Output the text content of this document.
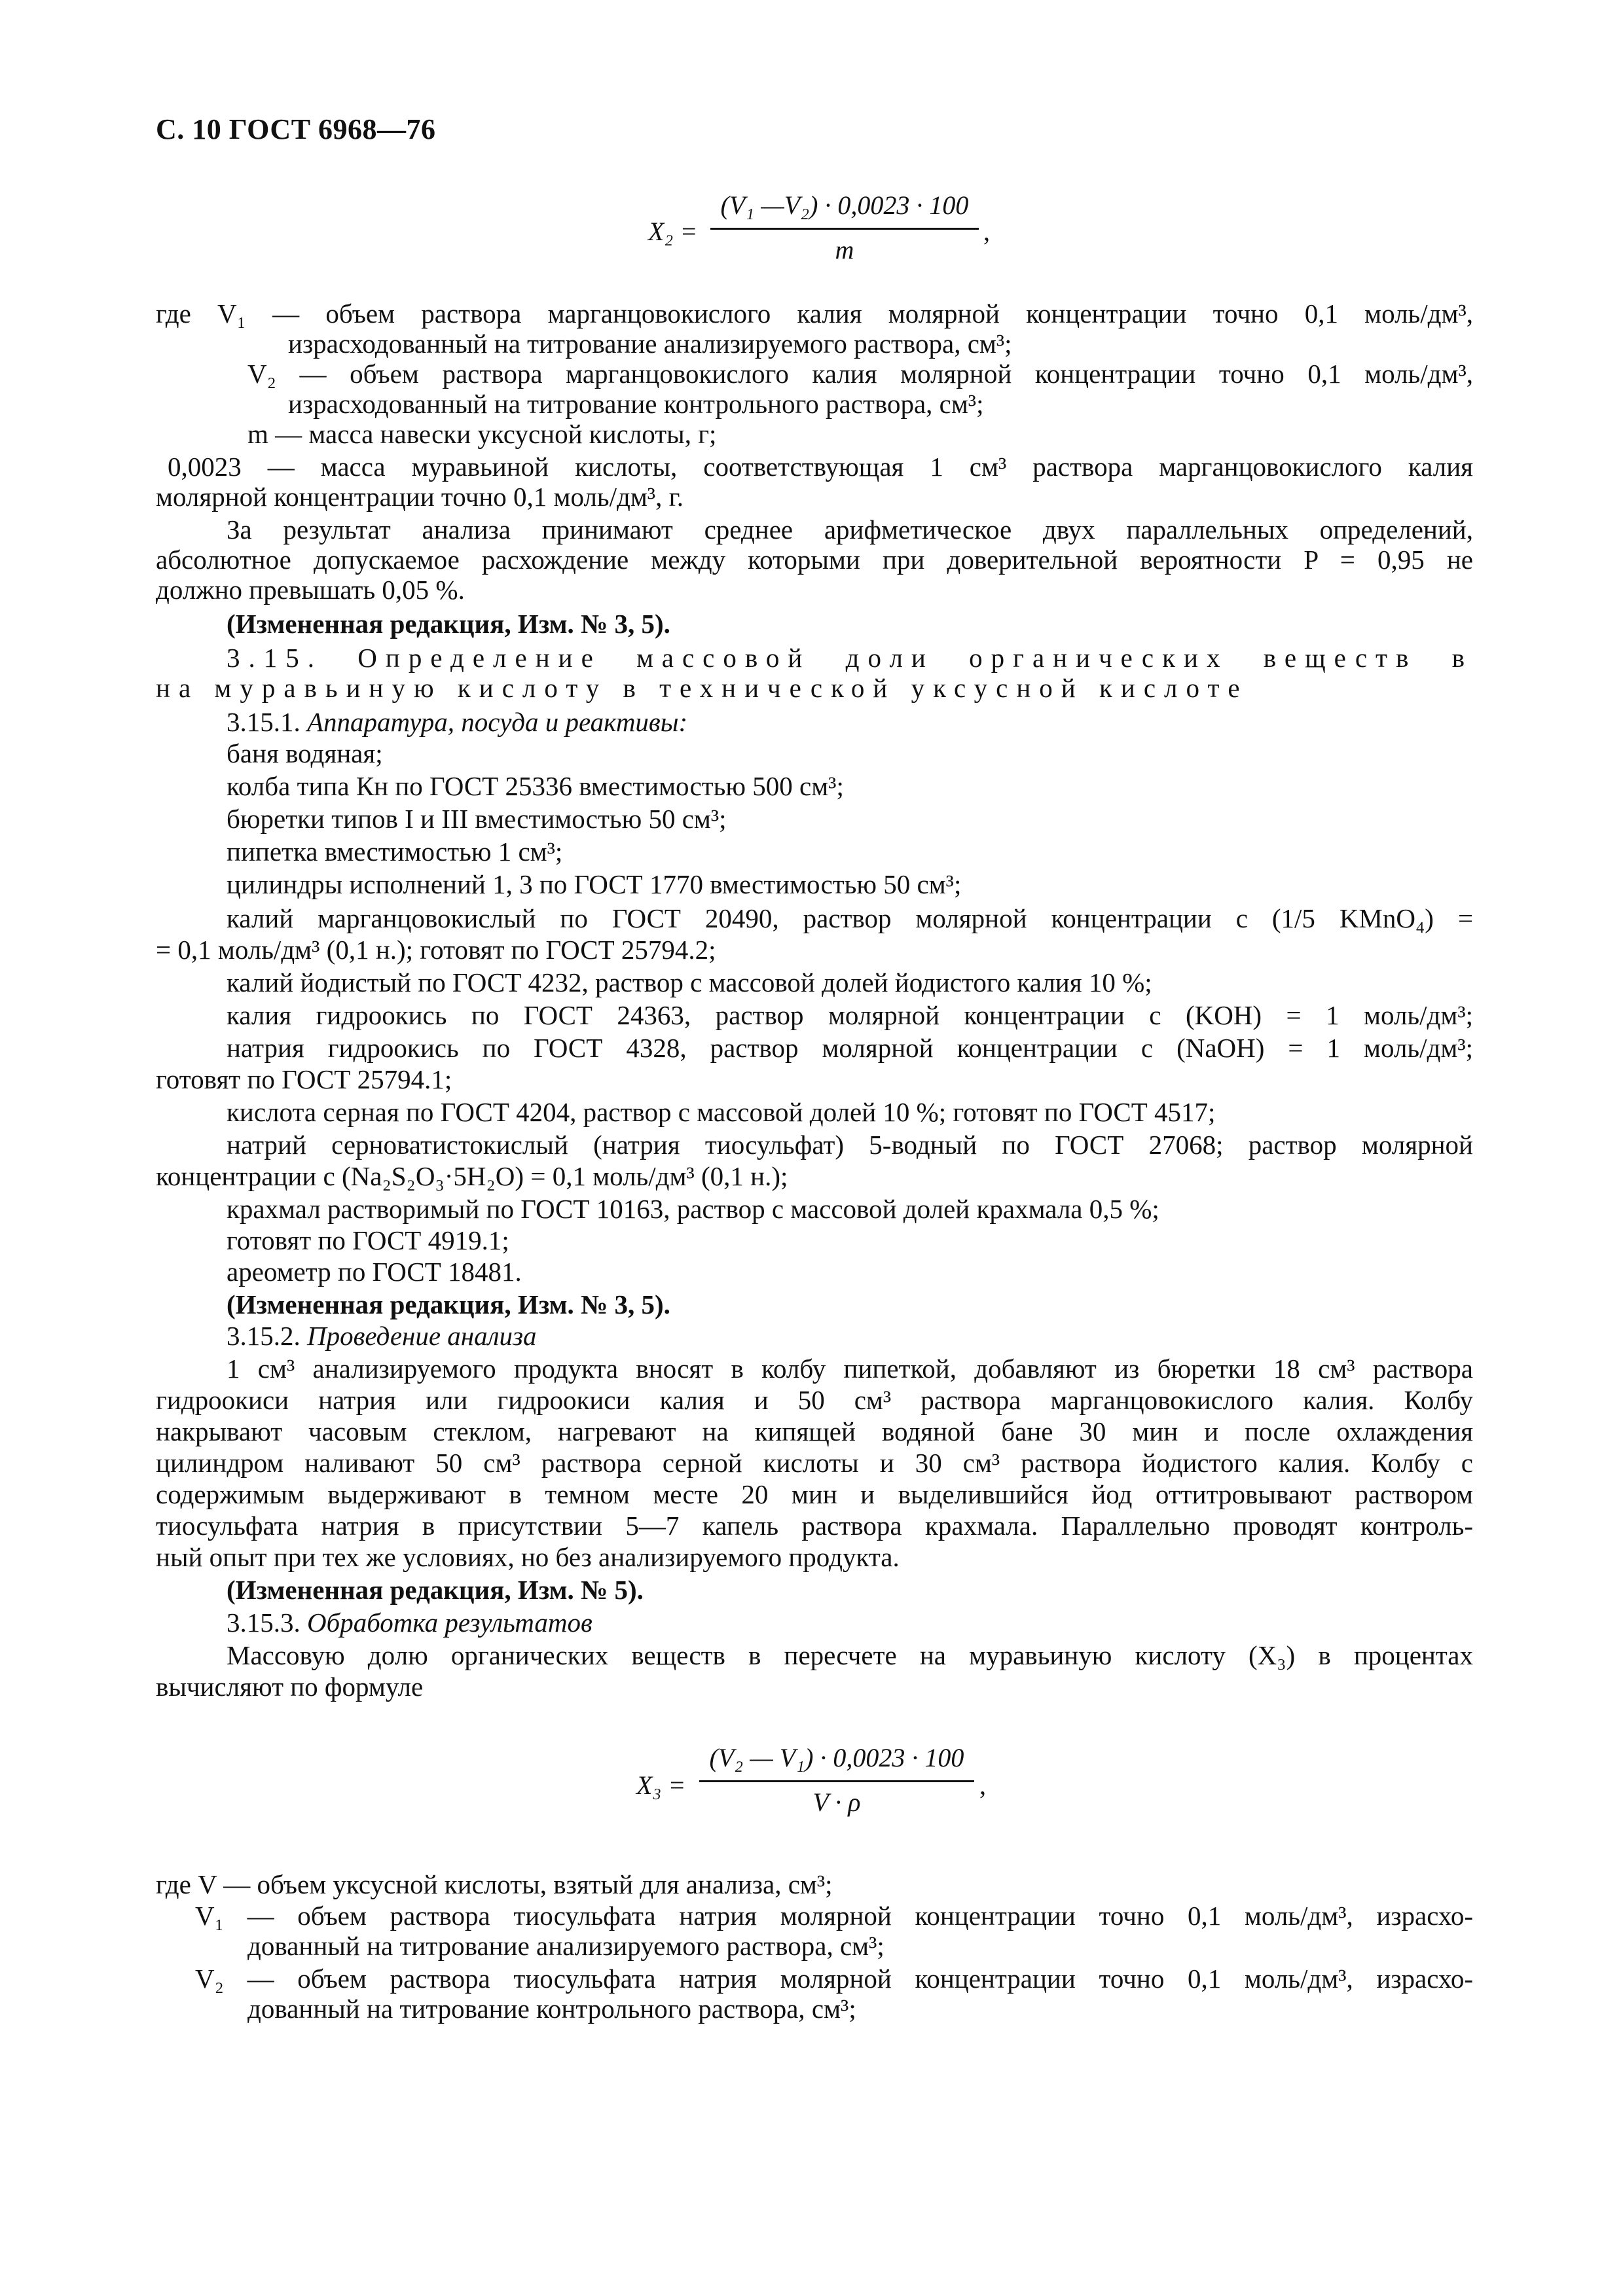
С. 10 ГОСТ 6968—76
X₂ =
(V₁ —V₂) · 0,0023 · 100
m
,
где V₁ — объем раствора марганцовокислого калия молярной концентрации точно 0,1 моль/дм³,
израсходованный на титрование анализируемого раствора, см³;
V₂ — объем раствора марганцовокислого калия молярной концентрации точно 0,1 моль/дм³,
израсходованный на титрование контрольного раствора, см³;
m — масса навески уксусной кислоты, г;
0,0023 — масса муравьиной кислоты, соответствующая 1 см³ раствора марганцовокислого калия
молярной концентрации точно 0,1 моль/дм³, г.
За результат анализа принимают среднее арифметическое двух параллельных определений,
абсолютное допускаемое расхождение между которыми при доверительной вероятности P = 0,95 не
должно превышать 0,05 %.
(Измененная редакция, Изм. № 3, 5).
3.15. Определение массовой доли органических веществ в
на муравьиную кислоту в технической уксусной кислоте
3.15.1. Аппаратура, посуда и реактивы:
баня водяная;
колба типа Кн по ГОСТ 25336 вместимостью 500 см³;
бюретки типов I и III вместимостью 50 см³;
пипетка вместимостью 1 см³;
цилиндры исполнений 1, 3 по ГОСТ 1770 вместимостью 50 см³;
калий марганцовокислый по ГОСТ 20490, раствор молярной концентрации c (1/5 KMnO₄) =
= 0,1 моль/дм³ (0,1 н.); готовят по ГОСТ 25794.2;
калий йодистый по ГОСТ 4232, раствор с массовой долей йодистого калия 10 %;
калия гидроокись по ГОСТ 24363, раствор молярной концентрации c (KOH) = 1 моль/дм³;
натрия гидроокись по ГОСТ 4328, раствор молярной концентрации c (NaOH) = 1 моль/дм³;
готовят по ГОСТ 25794.1;
кислота серная по ГОСТ 4204, раствор с массовой долей 10 %; готовят по ГОСТ 4517;
натрий серноватистокислый (натрия тиосульфат) 5-водный по ГОСТ 27068; раствор молярной
концентрации c (Na₂S₂O₃·5H₂O) = 0,1 моль/дм³ (0,1 н.);
крахмал растворимый по ГОСТ 10163, раствор с массовой долей крахмала 0,5 %;
готовят по ГОСТ 4919.1;
ареометр по ГОСТ 18481.
(Измененная редакция, Изм. № 3, 5).
3.15.2. Проведение анализа
1 см³ анализируемого продукта вносят в колбу пипеткой, добавляют из бюретки 18 см³ раствора
гидроокиси натрия или гидроокиси калия и 50 см³ раствора марганцовокислого калия. Колбу
накрывают часовым стеклом, нагревают на кипящей водяной бане 30 мин и после охлаждения
цилиндром наливают 50 см³ раствора серной кислоты и 30 см³ раствора йодистого калия. Колбу с
содержимым выдерживают в темном месте 20 мин и выделившийся йод оттитровывают раствором
тиосульфата натрия в присутствии 5—7 капель раствора крахмала. Параллельно проводят контроль-
ный опыт при тех же условиях, но без анализируемого продукта.
(Измененная редакция, Изм. № 5).
3.15.3. Обработка результатов
Массовую долю органических веществ в пересчете на муравьиную кислоту (X₃) в процентах
вычисляют по формуле
X₃ =
(V₂ — V₁) · 0,0023 · 100
V · ρ
,
где V — объем уксусной кислоты, взятый для анализа, см³;
V₁ — объем раствора тиосульфата натрия молярной концентрации точно 0,1 моль/дм³, израсхо-
дованный на титрование анализируемого раствора, см³;
V₂ — объем раствора тиосульфата натрия молярной концентрации точно 0,1 моль/дм³, израсхо-
дованный на титрование контрольного раствора, см³;
